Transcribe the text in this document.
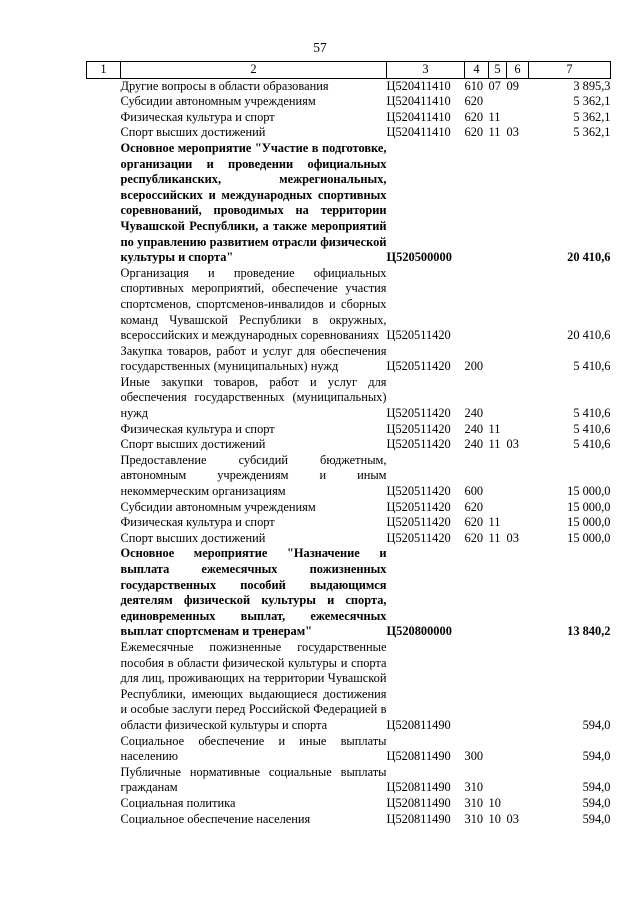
57
1	2	3	4	5	6	7
	Другие вопросы в области образования	Ц520411410	610	07	09	3 895,3
	Субсидии автономным учреждениям	Ц520411410	620			5 362,1
	Физическая культура и спорт	Ц520411410	620	11		5 362,1
	Спорт высших достижений	Ц520411410	620	11	03	5 362,1
	Основное мероприятие "Участие в подготовке, организации и проведении официальных республиканских, межрегиональных, всероссийских и международных спортивных соревнований, проводимых на территории Чувашской Республики, а также мероприятий по управлению развитием отрасли физической культуры и спорта"	Ц520500000				20 410,6
	Организация и проведение официальных спортивных мероприятий, обеспечение участия спортсменов, спортсменов-инвалидов и сборных команд Чувашской Республики в окружных, всероссийских и международных соревнованиях	Ц520511420				20 410,6
	Закупка товаров, работ и услуг для обеспечения государственных (муниципальных) нужд	Ц520511420	200			5 410,6
	Иные закупки товаров, работ и услуг для обеспечения государственных (муниципальных) нужд	Ц520511420	240			5 410,6
	Физическая культура и спорт	Ц520511420	240	11		5 410,6
	Спорт высших достижений	Ц520511420	240	11	03	5 410,6
	Предоставление субсидий бюджетным, автономным учреждениям и иным некоммерческим организациям	Ц520511420	600			15 000,0
	Субсидии автономным учреждениям	Ц520511420	620			15 000,0
	Физическая культура и спорт	Ц520511420	620	11		15 000,0
	Спорт высших достижений	Ц520511420	620	11	03	15 000,0
	Основное мероприятие "Назначение и выплата ежемесячных пожизненных государственных пособий выдающимся деятелям физической культуры и спорта, единовременных выплат, ежемесячных выплат спортсменам и тренерам"	Ц520800000				13 840,2
	Ежемесячные пожизненные государственные пособия в области физической культуры и спорта для лиц, проживающих на территории Чувашской Республики, имеющих выдающиеся достижения и особые заслуги перед Российской Федерацией в области физической культуры и спорта	Ц520811490				594,0
	Социальное обеспечение и иные выплаты населению	Ц520811490	300			594,0
	Публичные нормативные социальные выплаты гражданам	Ц520811490	310			594,0
	Социальная политика	Ц520811490	310	10		594,0
	Социальное обеспечение населения	Ц520811490	310	10	03	594,0
